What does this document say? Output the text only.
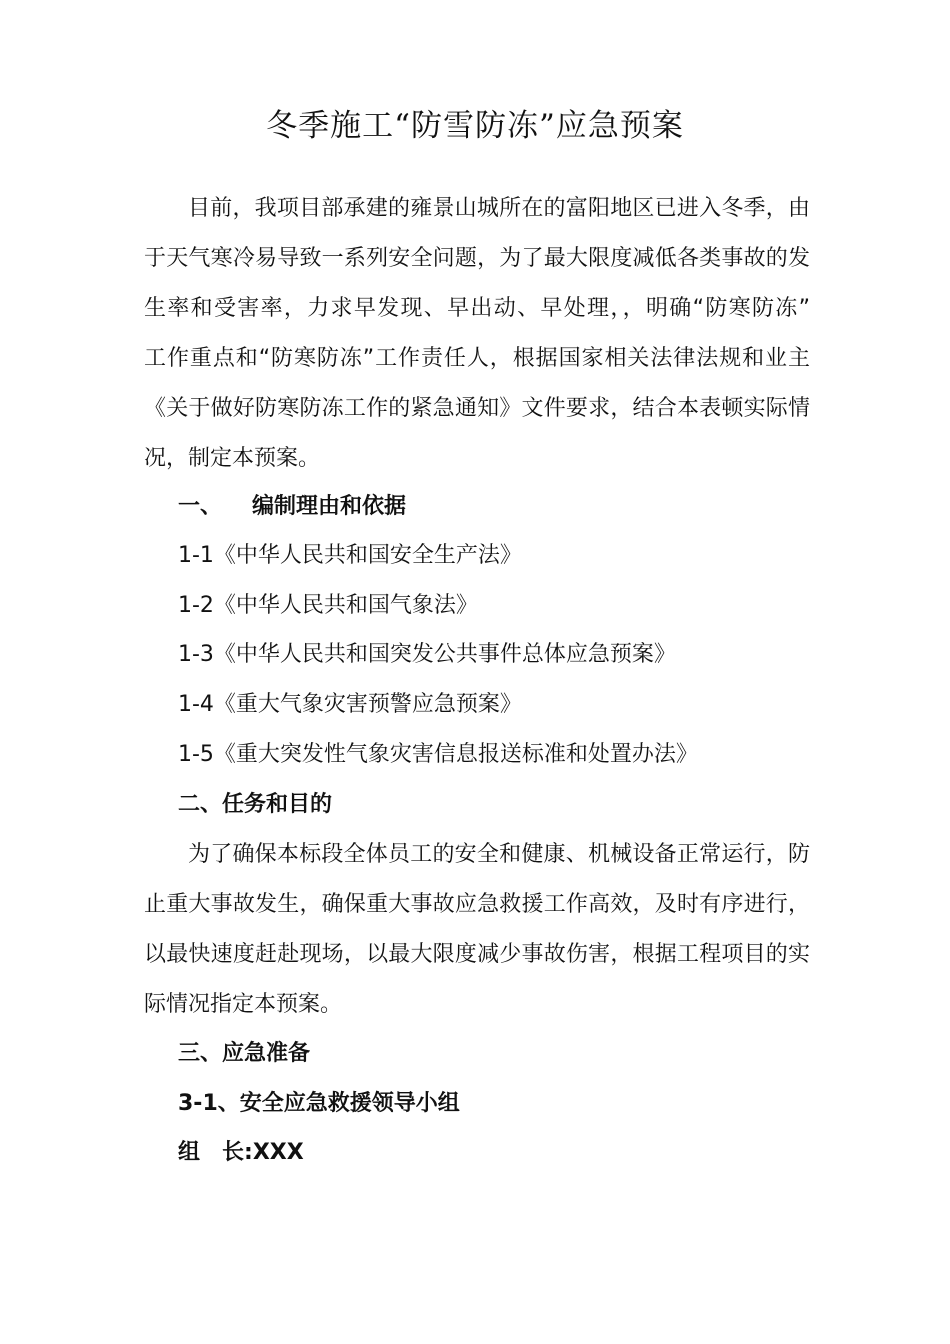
冬季施工“防雪防冻”应急预案
目前，我项目部承建的雍景山城所在的富阳地区已进入冬季，由
于天气寒冷易导致一系列安全问题，为了最大限度减低各类事故的发
生率和受害率，力求早发现、早出动、早处理，，明确“防寒防冻”
工作重点和“防寒防冻”工作责任人，根据国家相关法律法规和业主
《关于做好防寒防冻工作的紧急通知》文件要求，结合本表顿实际情
况，制定本预案。
一、 编制理由和依据
1-1《中华人民共和国安全生产法》
1-2《中华人民共和国气象法》
1-3《中华人民共和国突发公共事件总体应急预案》
1-4《重大气象灾害预警应急预案》
1-5《重大突发性气象灾害信息报送标准和处置办法》
二、任务和目的
为了确保本标段全体员工的安全和健康、机械设备正常运行，防
止重大事故发生，确保重大事故应急救援工作高效，及时有序进行，
以最快速度赶赴现场，以最大限度减少事故伤害，根据工程项目的实
际情况指定本预案。
三、应急准备
3-1、安全应急救援领导小组
组　长:XXX
